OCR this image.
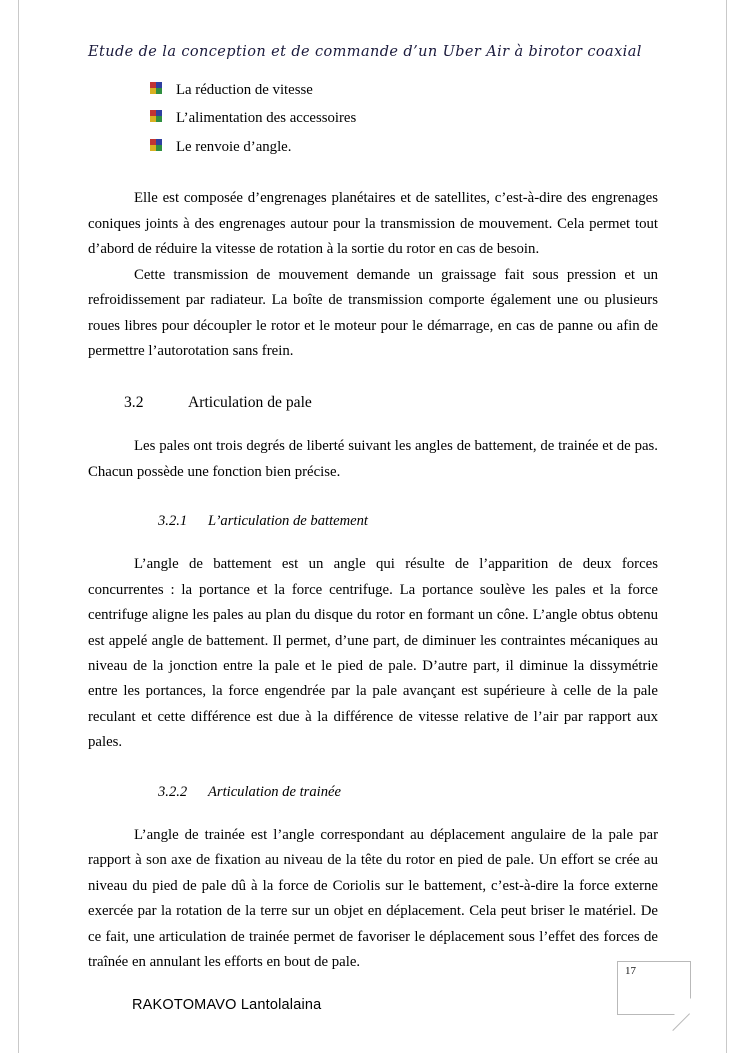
Etude de la conception et de commande d’un Uber Air à birotor coaxial
La réduction de vitesse
L’alimentation des accessoires
Le renvoie d’angle.

Elle est composée d’engrenages planétaires et de satellites, c’est-à-dire des engrenages coniques joints à des engrenages autour pour la transmission de mouvement. Cela permet tout d’abord de réduire la vitesse de rotation à la sortie du rotor en cas de besoin.

Cette transmission de mouvement demande un graissage fait sous pression et un refroidissement par radiateur. La boîte de transmission comporte également une ou plusieurs roues libres pour découpler le rotor et le moteur pour le démarrage, en cas de panne ou afin de permettre l’autorotation sans frein.

3.2	Articulation de pale

Les pales ont trois degrés de liberté suivant les angles de battement, de trainée et de pas. Chacun possède une fonction bien précise.

3.2.1	L’articulation de battement

L’angle de battement est un angle qui résulte de l’apparition de deux forces concurrentes : la portance et la force centrifuge. La portance soulève les pales et la force centrifuge aligne les pales au plan du disque du rotor en formant un cône. L’angle obtus obtenu est appelé angle de battement. Il permet, d’une part, de diminuer les contraintes mécaniques au niveau de la jonction entre la pale et le pied de pale. D’autre part, il diminue la dissymétrie entre les portances, la force engendrée par la pale avançant est supérieure à celle de la pale reculant et cette différence est due à la différence de vitesse relative de l’air par rapport aux pales.

3.2.2	Articulation de trainée

L’angle de trainée est l’angle correspondant au déplacement angulaire de la pale par rapport à son axe de fixation au niveau de la tête du rotor en pied de pale. Un effort se crée au niveau du pied de pale dû à la force de Coriolis sur le battement, c’est-à-dire la force externe exercée par la rotation de la terre sur un objet en déplacement. Cela peut briser le matériel. De ce fait, une articulation de trainée permet de favoriser le déplacement sous l’effet des forces de traînée en annulant les efforts en bout de pale.

RAKOTOMAVO Lantolalaina
17
